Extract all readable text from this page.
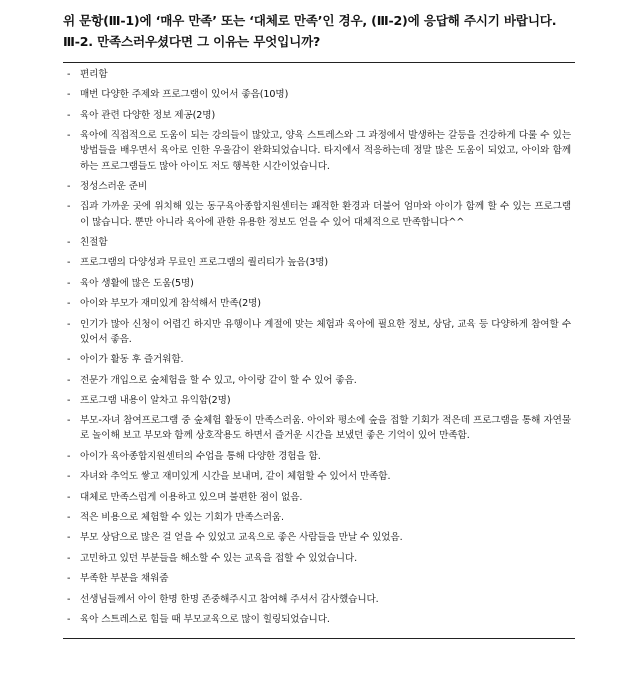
위 문항(Ⅲ-1)에 ‘매우 만족’ 또는 ‘대체로 만족’인 경우, (Ⅲ-2)에 응답해 주시기 바랍니다.
Ⅲ-2. 만족스러우셨다면 그 이유는 무엇입니까?
- 편리함
- 매번 다양한 주제와 프로그램이 있어서 좋음(10명)
- 육아 관련 다양한 정보 제공(2명)
- 육아에 직접적으로 도움이 되는 강의들이 많았고, 양육 스트레스와 그 과정에서 발생하는 갈등을 건강하게 다룰 수 있는 방법들을 배우면서 육아로 인한 우울감이 완화되었습니다. 타지에서 적응하는데 정말 많은 도움이 되었고, 아이와 함께하는 프로그램들도 많아 아이도 저도 행복한 시간이었습니다.
- 정성스러운 준비
- 집과 가까운 곳에 위치해 있는 동구육아종합지원센터는 쾌적한 환경과 더불어 엄마와 아이가 함께 할 수 있는 프로그램이 많습니다. 뿐만 아니라 육아에 관한 유용한 정보도 얻을 수 있어 대체적으로 만족합니다^^
- 친절함
- 프로그램의 다양성과 무료인 프로그램의 퀄리티가 높음(3명)
- 육아 생활에 많은 도움(5명)
- 아이와 부모가 재미있게 참석해서 만족(2명)
- 인기가 많아 신청이 어렵긴 하지만 유행이나 계절에 맞는 체험과 육아에 필요한 정보, 상담, 교육 등 다양하게 참여할 수 있어서 좋음.
- 아이가 활동 후 즐거워함.
- 전문가 개입으로 숲체험을 할 수 있고, 아이랑 같이 할 수 있어 좋음.
- 프로그램 내용이 알차고 유익함(2명)
- 부모-자녀 참여프로그램 중 숲체험 활동이 만족스러움. 아이와 평소에 숲을 접할 기회가 적은데 프로그램을 통해 자연물로 놀이해 보고 부모와 함께 상호작용도 하면서 즐거운 시간을 보냈던 좋은 기억이 있어 만족함.
- 아이가 육아종합지원센터의 수업을 통해 다양한 경험을 함.
- 자녀와 추억도 쌓고 재미있게 시간을 보내며, 같이 체험할 수 있어서 만족함.
- 대체로 만족스럽게 이용하고 있으며 불편한 점이 없음.
- 적은 비용으로 체험할 수 있는 기회가 만족스러움.
- 부모 상담으로 많은 걸 얻을 수 있었고 교육으로 좋은 사람들을 만날 수 있었음.
- 고민하고 있던 부분들을 해소할 수 있는 교육을 접할 수 있었습니다.
- 부족한 부분을 채워줌
- 선생님들께서 아이 한명 한명 존중해주시고 참여해 주셔서 감사했습니다.
- 육아 스트레스로 힘들 때 부모교육으로 많이 힐링되었습니다.
